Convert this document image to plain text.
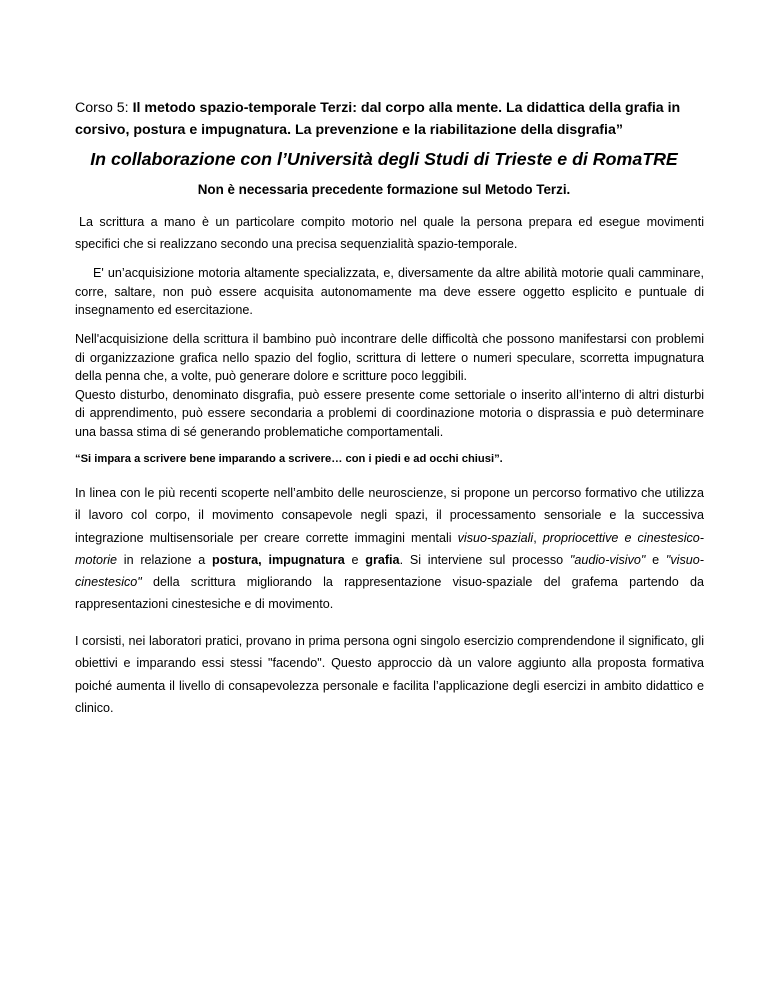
Corso 5: Il metodo spazio-temporale Terzi: dal corpo alla mente. La didattica della grafia in corsivo, postura e impugnatura. La prevenzione e la riabilitazione della disgrafia”
In collaborazione con l’Università degli Studi di Trieste e di RomaTRE
Non è necessaria precedente formazione sul Metodo Terzi.
La scrittura a mano è un particolare compito motorio nel quale la persona prepara ed esegue movimenti specifici che si realizzano secondo una precisa sequenzialità spazio-temporale.
E' un’acquisizione motoria altamente specializzata, e, diversamente da altre abilità motorie quali camminare, corre, saltare, non può essere acquisita autonomamente ma deve essere oggetto esplicito e puntuale di insegnamento ed esercitazione.
Nell'acquisizione della scrittura il bambino può incontrare delle difficoltà che possono manifestarsi con problemi di organizzazione grafica nello spazio del foglio, scrittura di lettere o numeri speculare, scorretta impugnatura della penna che, a volte, può generare dolore e scritture poco leggibili.
Questo disturbo, denominato disgrafia, può essere presente come settoriale o inserito all’interno di altri disturbi di apprendimento, può essere secondaria a problemi di coordinazione motoria o disprassia e può determinare una bassa stima di sé generando problematiche comportamentali.
“Si impara a scrivere bene imparando a scrivere… con i piedi e ad occhi chiusi”.
In linea con le più recenti scoperte nell’ambito delle neuroscienze, si propone un percorso formativo che utilizza il lavoro col corpo, il movimento consapevole negli spazi, il processamento sensoriale e la successiva integrazione multisensoriale per creare corrette immagini mentali visuo-spaziali, propriocettive e cinestesico-motorie in relazione a postura, impugnatura e grafia. Si interviene sul processo "audio-visivo" e "visuo-cinestesico" della scrittura migliorando la rappresentazione visuo-spaziale del grafema partendo da rappresentazioni cinestesiche e di movimento.
I corsisti, nei laboratori pratici, provano in prima persona ogni singolo esercizio comprendendone il significato, gli obiettivi e imparando essi stessi "facendo". Questo approccio dà un valore aggiunto alla proposta formativa poiché aumenta il livello di consapevolezza personale e facilita l’applicazione degli esercizi in ambito didattico e clinico.
